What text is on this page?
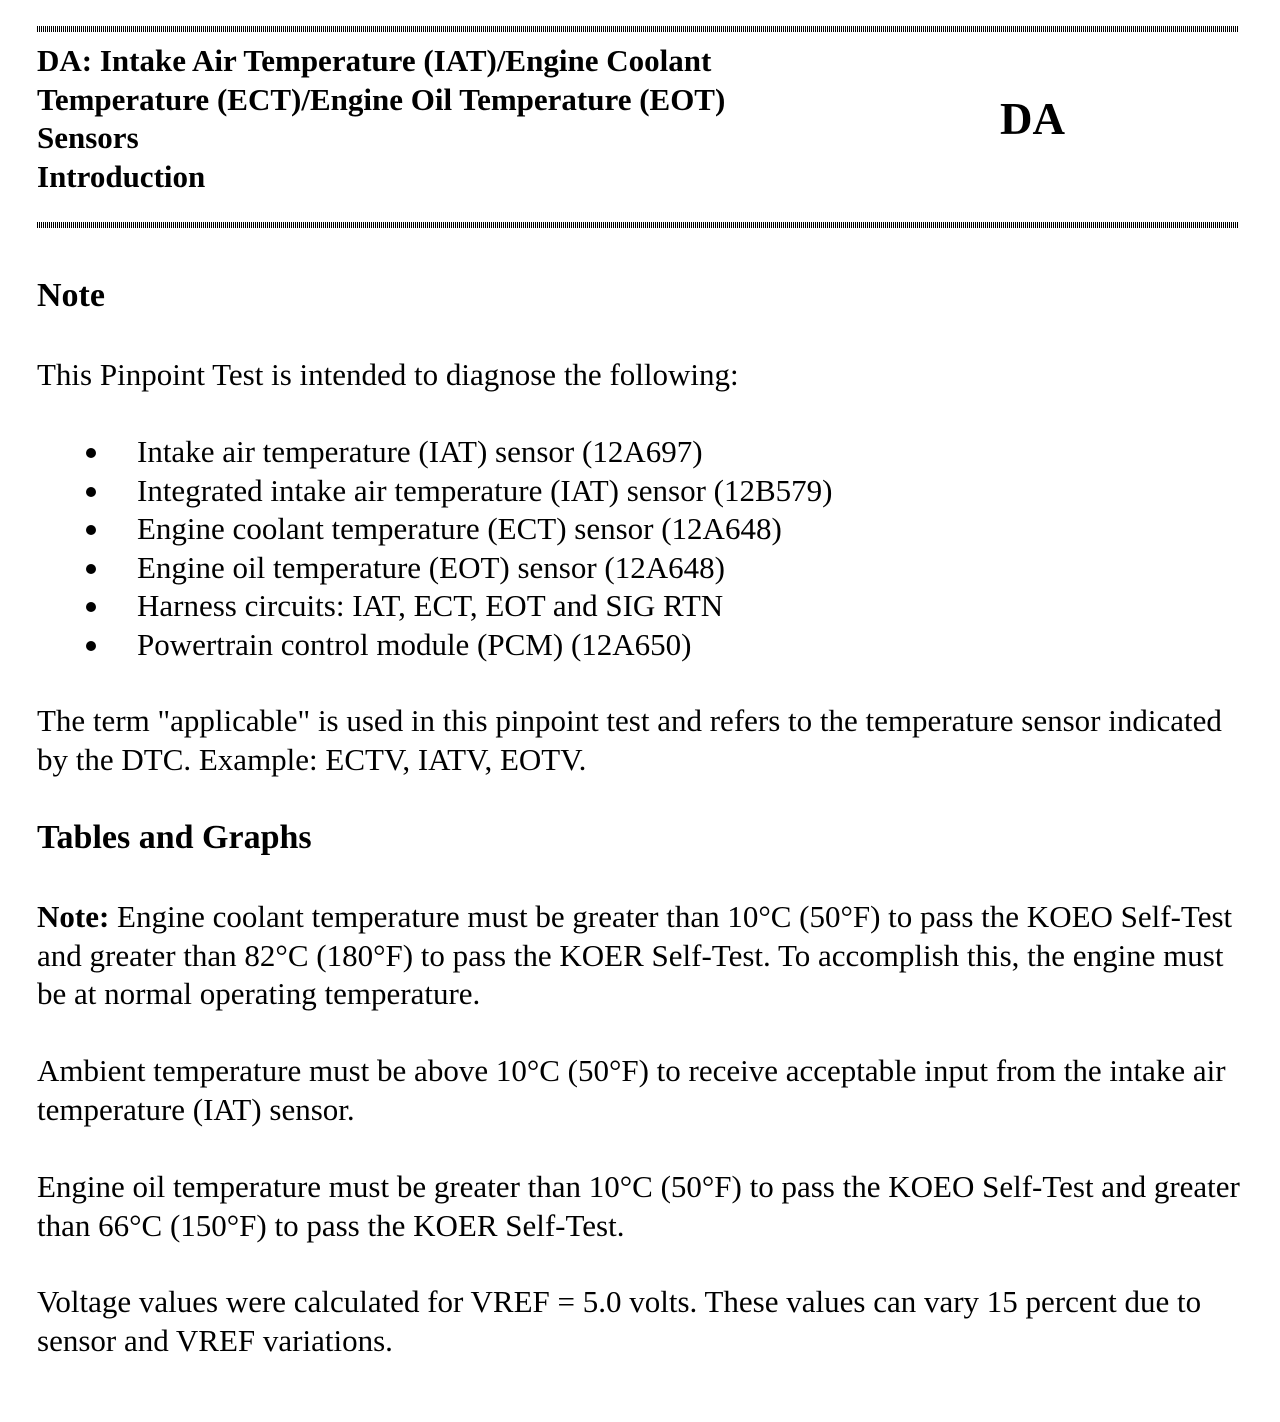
DA: Intake Air Temperature (IAT)/Engine Coolant
Temperature (ECT)/Engine Oil Temperature (EOT)
Sensors
Introduction
DA
Note

This Pinpoint Test is intended to diagnose the following:

Intake air temperature (IAT) sensor (12A697)
Integrated intake air temperature (IAT) sensor (12B579)
Engine coolant temperature (ECT) sensor (12A648)
Engine oil temperature (EOT) sensor (12A648)
Harness circuits: IAT, ECT, EOT and SIG RTN
Powertrain control module (PCM) (12A650)

The term "applicable" is used in this pinpoint test and refers to the temperature sensor indicated by the DTC. Example: ECTV, IATV, EOTV.

Tables and Graphs

Note: Engine coolant temperature must be greater than 10°C (50°F) to pass the KOEO Self-Test and greater than 82°C (180°F) to pass the KOER Self-Test. To accomplish this, the engine must be at normal operating temperature.

Ambient temperature must be above 10°C (50°F) to receive acceptable input from the intake air temperature (IAT) sensor.

Engine oil temperature must be greater than 10°C (50°F) to pass the KOEO Self-Test and greater than 66°C (150°F) to pass the KOER Self-Test.

Voltage values were calculated for VREF = 5.0 volts. These values can vary 15 percent due to sensor and VREF variations.
